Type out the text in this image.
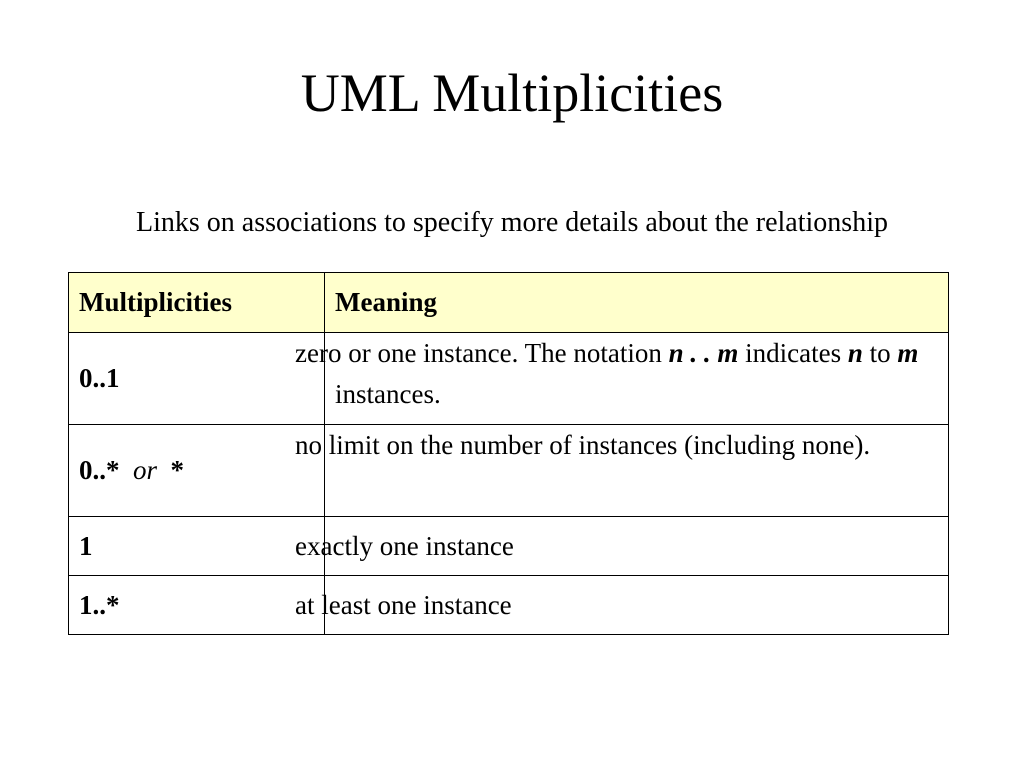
UML Multiplicities
Links on associations to specify more details about the relationship
Multiplicities	Meaning
0..1	zero or one instance. The notation n . . m indicates n to m instances.
0..* or *	no limit on the number of instances (including none).
1	exactly one instance
1..*	at least one instance
